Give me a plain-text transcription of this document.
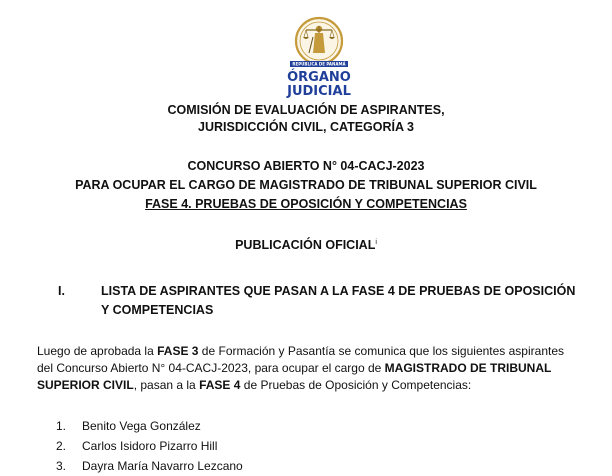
REPÚBLICA DE PANAMÁ
ÓRGANO
JUDICIAL
COMISIÓN DE EVALUACIÓN DE ASPIRANTES,
JURISDICCIÓN CIVIL, CATEGORÍA 3
CONCURSO ABIERTO N° 04-CACJ-2023
PARA OCUPAR EL CARGO DE MAGISTRADO DE TRIBUNAL SUPERIOR CIVIL
FASE 4. PRUEBAS DE OPOSICIÓN Y COMPETENCIAS
PUBLICACIÓN OFICIAL$^i$
I.	LISTA DE ASPIRANTES QUE PASAN A LA FASE 4 DE PRUEBAS DE OPOSICIÓN
Y COMPETENCIAS
Luego de aprobada la FASE 3 de Formación y Pasantía se comunica que los siguientes aspirantes
del Concurso Abierto N° 04-CACJ-2023, para ocupar el cargo de MAGISTRADO DE TRIBUNAL
SUPERIOR CIVIL, pasan a la FASE 4 de Pruebas de Oposición y Competencias:
1. Benito Vega González
2. Carlos Isidoro Pizarro Hill
3. Dayra María Navarro Lezcano
